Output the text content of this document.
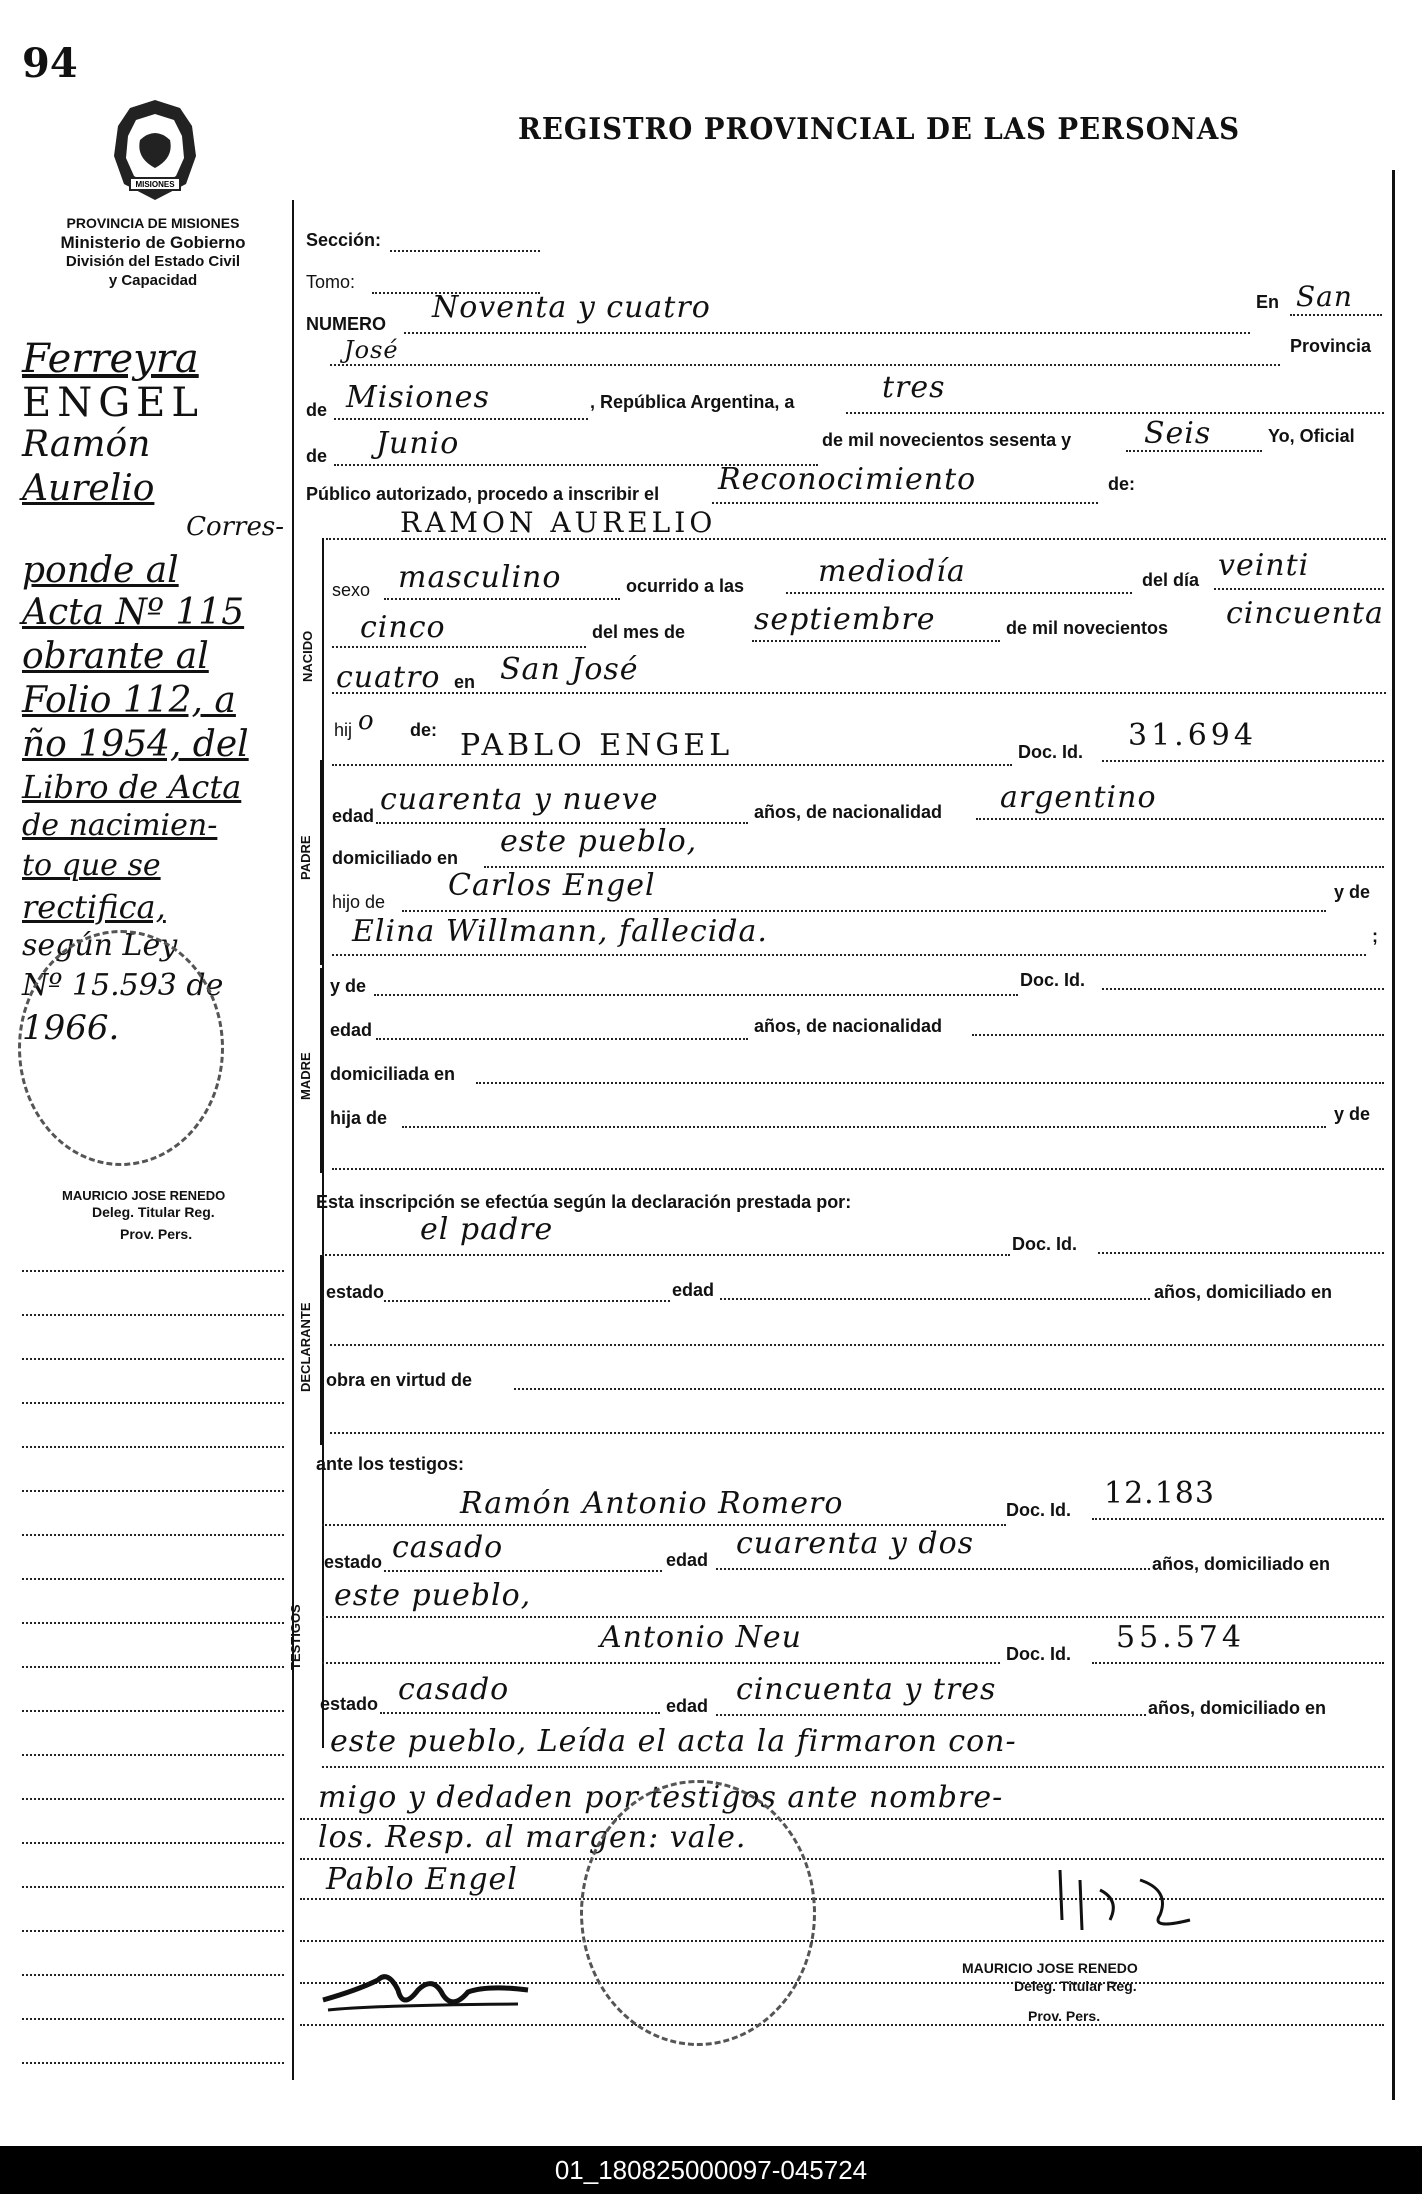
94
MISIONES
REGISTRO PROVINCIAL DE LAS PERSONAS
PROVINCIA DE MISIONES
Ministerio de Gobierno
División del Estado Civil
y Capacidad
Ferreyra
ENGEL
Ramón
Aurelio
Corres-
ponde al
Acta Nº 115
obrante al
Folio 112, a
ño 1954, del
Libro de Acta
de nacimien-
to que se
rectifica,
según Ley
Nº 15.593 de
1966.
MAURICIO JOSE RENEDO
Deleg. Titular Reg.
Prov. Pers.
NACIDO
PADRE
MADRE
DECLARANTE
TESTIGOS
Sección:
Tomo:
NUMERO Noventa y cuatro	En San
José	Provincia
de Misiones	, República Argentina, a	tres
de Junio	de mil novecientos sesenta y Seis	Yo, Oficial
Público autorizado, procedo a inscribir el Reconocimiento	de:
RAMON AURELIO
sexo masculino	ocurrido a las mediodía	del día veinti
cinco	del mes de septiembre	de mil novecientos cincuenta
cuatro en San José
hij o de: PABLO ENGEL	Doc. Id. 31.694
edad cuarenta y nueve	años, de nacionalidad argentino
domiciliado en este pueblo,
hijo de Carlos Engel	y de
Elina Willmann, fallecida.	;
y de	Doc. Id.
edad	años, de nacionalidad
domiciliada en
hija de	y de
Esta inscripción se efectúa según la declaración prestada por:
el padre	Doc. Id.
estado	edad	años, domiciliado en
obra en virtud de
ante los testigos:
Ramón Antonio Romero	Doc. Id. 12.183
estado casado	edad cuarenta y dos
años, domiciliado en
este pueblo,
Antonio Neu	Doc. Id. 55.574
estado casado	edad cincuenta y tres
años, domiciliado en
este pueblo, Leída el acta la firmaron con-
migo y dedaden por testigos ante nombre-
los. Resp. al margen: vale.
Pablo Engel
MAURICIO JOSE RENEDO
Deleg. Titular Reg.
Prov. Pers.
01_180825000097-045724
